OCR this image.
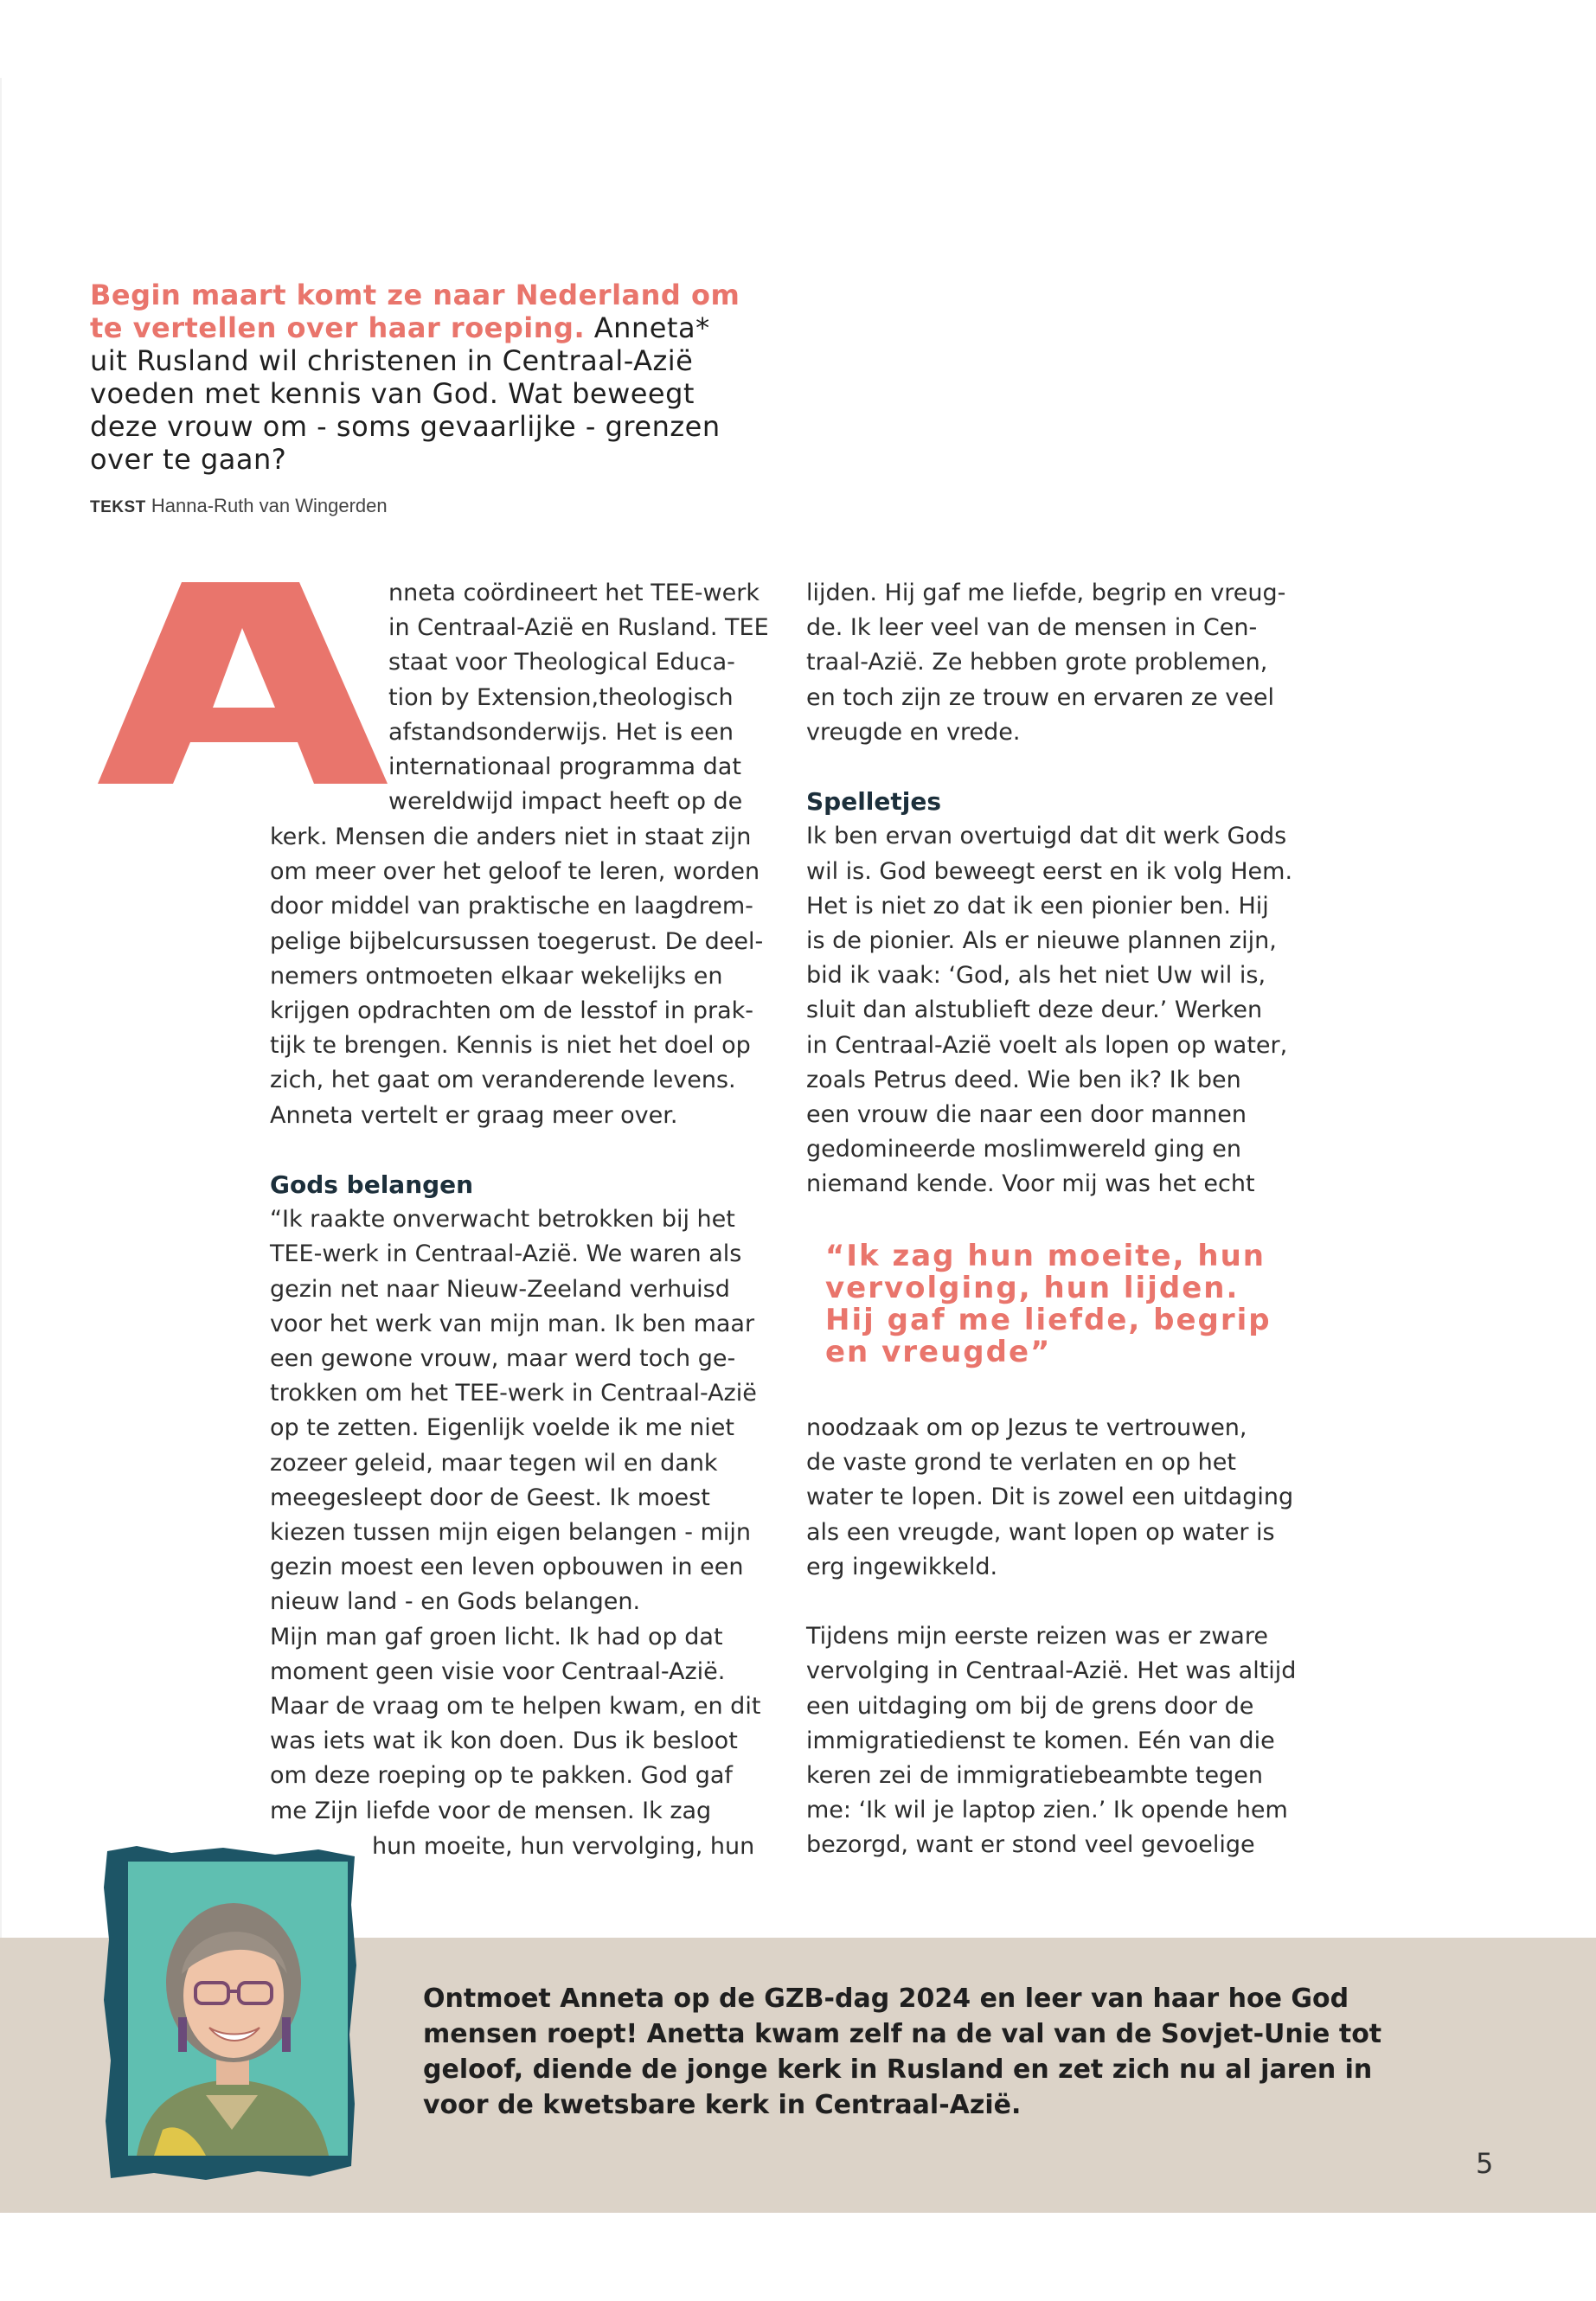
Begin maart komt ze naar Nederland om
te vertellen over haar roeping. Anneta*
uit Rusland wil christenen in Centraal-Azië
voeden met kennis van God. Wat beweegt
deze vrouw om - soms gevaarlijke - grenzen
over te gaan?
TEKST Hanna-Ruth van Wingerden

nneta coördineert het TEE-werk

in Centraal-Azië en Rusland. TEE

staat voor Theological Educa-

tion by Extension,theologisch

afstandsonderwijs. Het is een

internationaal programma dat

wereldwijd impact heeft op de

kerk. Mensen die anders niet in staat zijn

om meer over het geloof te leren, worden

door middel van praktische en laagdrem-

pelige bijbelcursussen toegerust. De deel-

nemers ontmoeten elkaar wekelijks en

krijgen opdrachten om de lesstof in prak-

tijk te brengen. Kennis is niet het doel op

zich, het gaat om veranderende levens.

Anneta vertelt er graag meer over.

Gods belangen

“Ik raakte onverwacht betrokken bij het

TEE-werk in Centraal-Azië. We waren als

gezin net naar Nieuw-Zeeland verhuisd

voor het werk van mijn man. Ik ben maar

een gewone vrouw, maar werd toch ge-

trokken om het TEE-werk in Centraal-Azië

op te zetten. Eigenlijk voelde ik me niet

zozeer geleid, maar tegen wil en dank

meegesleept door de Geest. Ik moest

kiezen tussen mijn eigen belangen - mijn

gezin moest een leven opbouwen in een

nieuw land - en Gods belangen.

Mijn man gaf groen licht. Ik had op dat

moment geen visie voor Centraal-Azië.

Maar de vraag om te helpen kwam, en dit

was iets wat ik kon doen. Dus ik besloot

om deze roeping op te pakken. God gaf

me Zijn liefde voor de mensen. Ik zag

hun moeite, hun vervolging, hun

lijden. Hij gaf me liefde, begrip en vreug-

de. Ik leer veel van de mensen in Cen-

traal-Azië. Ze hebben grote problemen,

en toch zijn ze trouw en ervaren ze veel

vreugde en vrede.

Spelletjes

Ik ben ervan overtuigd dat dit werk Gods

wil is. God beweegt eerst en ik volg Hem.

Het is niet zo dat ik een pionier ben. Hij

is de pionier. Als er nieuwe plannen zijn,

bid ik vaak: ‘God, als het niet Uw wil is,

sluit dan alstublieft deze deur.’ Werken

in Centraal-Azië voelt als lopen op water,

zoals Petrus deed. Wie ben ik? Ik ben

een vrouw die naar een door mannen

gedomineerde moslimwereld ging en

niemand kende. Voor mij was het echt

“Ik zag hun moeite, hun

vervolging, hun lijden.

Hij gaf me liefde, begrip

en vreugde”

noodzaak om op Jezus te vertrouwen,

de vaste grond te verlaten en op het

water te lopen. Dit is zowel een uitdaging

als een vreugde, want lopen op water is

erg ingewikkeld.

Tijdens mijn eerste reizen was er zware

vervolging in Centraal-Azië. Het was altijd

een uitdaging om bij de grens door de

immigratiedienst te komen. Eén van die

keren zei de immigratiebeambte tegen

me: ‘Ik wil je laptop zien.’ Ik opende hem

bezorgd, want er stond veel gevoelige

Ontmoet Anneta op de GZB-dag 2024 en leer van haar hoe God

mensen roept! Anetta kwam zelf na de val van de Sovjet-Unie tot

geloof, diende de jonge kerk in Rusland en zet zich nu al jaren in

voor de kwetsbare kerk in Centraal-Azië.

5
